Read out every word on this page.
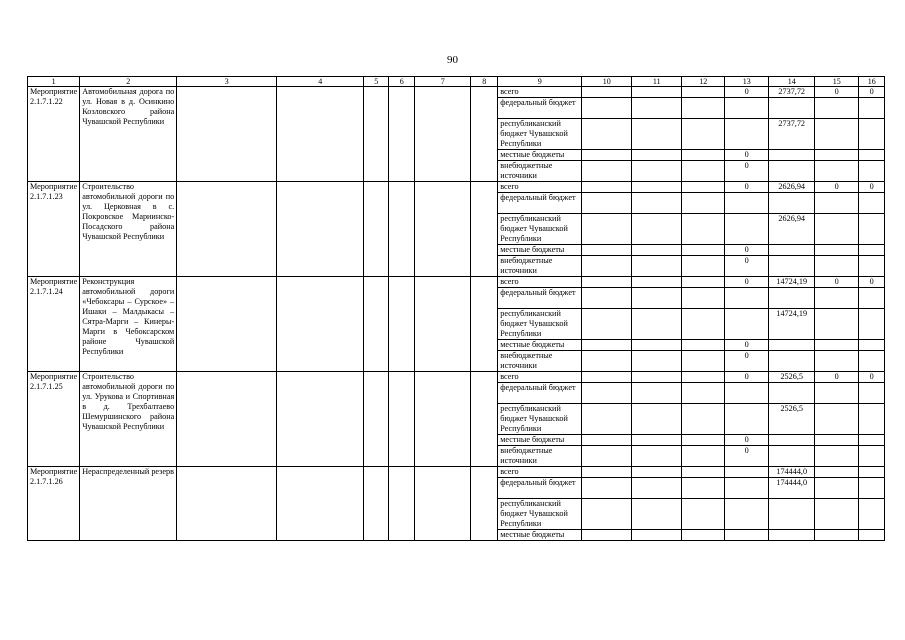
90
1	2	3	4	5	6	7	8	9	10	11	12	13	14	15	16
Мероприятие 2.1.7.1.22	Автомобильная дорога по ул. Новая в д. Осинкино Козловского района Чувашской Республики							всего				0	2737,72	0	0
								федеральный бюджет							
								республиканский бюджет Чувашской Республики					2737,72		
								местные бюджеты				0			
								внебюджетные источники				0			
Мероприятие 2.1.7.1.23	Строительство автомобильной дороги по ул. Церковная в с. Покровское Мариинско-Посадского района Чувашской Республики							всего				0	2626,94	0	0
								федеральный бюджет							
								республиканский бюджет Чувашской Республики					2626,94		
								местные бюджеты				0			
								внебюджетные источники				0			
Мероприятие 2.1.7.1.24	Реконструкция автомобильной дороги «Чебоксары – Сурское» – Ишаки – Малдыкасы – Сятра-Марги – Кинеры-Марги в Чебоксарском районе Чувашской Республики							всего				0	14724,19	0	0
								федеральный бюджет							
								республиканский бюджет Чувашской Республики					14724,19		
								местные бюджеты				0			
								внебюджетные источники				0			
Мероприятие 2.1.7.1.25	Строительство автомобильной дороги по ул. Урукова и Спортивная в д. Трехбалтаево Шемуршинского района Чувашской Республики							всего				0	2526,5	0	0
								федеральный бюджет							
								республиканский бюджет Чувашской Республики					2526,5		
								местные бюджеты				0			
								внебюджетные источники				0			
Мероприятие 2.1.7.1.26	Нераспределенный резерв							всего					174444,0		
								федеральный бюджет					174444,0		
								республиканский бюджет Чувашской Республики							
								местные бюджеты							
